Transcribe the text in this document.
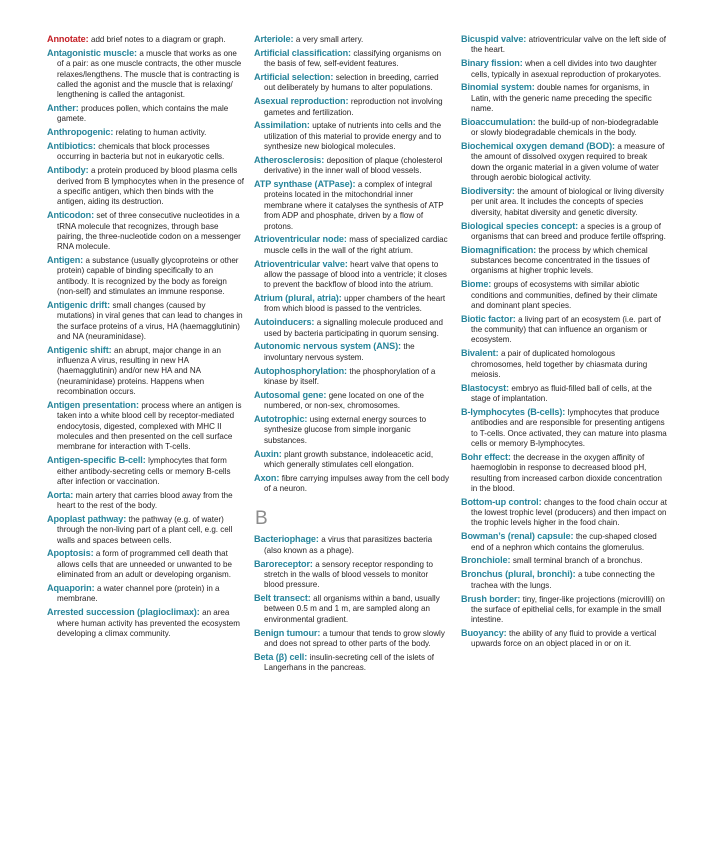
Annotate: add brief notes to a diagram or graph.

Antagonistic muscle: a muscle that works as one of a pair: as one muscle contracts, the other muscle relaxes/lengthens. The muscle that is contracting is called the agonist and the muscle that is relaxing/ lengthening is called the antagonist.

Anther: produces pollen, which contains the male gamete.

Anthropogenic: relating to human activity.

Antibiotics: chemicals that block processes occurring in bacteria but not in eukaryotic cells.

Antibody: a protein produced by blood plasma cells derived from B lymphocytes when in the presence of a specific antigen, which then binds with the antigen, aiding its destruction.

Anticodon: set of three consecutive nucleotides in a tRNA molecule that recognizes, through base pairing, the three-nucleotide codon on a messenger RNA molecule.

Antigen: a substance (usually glycoproteins or other protein) capable of binding specifically to an antibody. It is recognized by the body as foreign (non-self) and stimulates an immune response.

Antigenic drift: small changes (caused by mutations) in viral genes that can lead to changes in the surface proteins of a virus, HA (haemagglutinin) and NA (neuraminidase).

Antigenic shift: an abrupt, major change in an influenza A virus, resulting in new HA (haemagglutinin) and/or new HA and NA (neuraminidase) proteins. Happens when recombination occurs.

Antigen presentation: process where an antigen is taken into a white blood cell by receptor-mediated endocytosis, digested, complexed with MHC II molecules and then presented on the cell surface membrane for interaction with T-cells.

Antigen-specific B-cell: lymphocytes that form either antibody-secreting cells or memory B-cells after infection or vaccination.

Aorta: main artery that carries blood away from the heart to the rest of the body.

Apoplast pathway: the pathway (e.g. of water) through the non-living part of a plant cell, e.g. cell walls and spaces between cells.

Apoptosis: a form of programmed cell death that allows cells that are unneeded or unwanted to be eliminated from an adult or developing organism.

Aquaporin: a water channel pore (protein) in a membrane.

Arrested succession (plagioclimax): an area where human activity has prevented the ecosystem developing a climax community.

Arteriole: a very small artery.

Artificial classification: classifying organisms on the basis of few, self-evident features.

Artificial selection: selection in breeding, carried out deliberately by humans to alter populations.

Asexual reproduction: reproduction not involving gametes and fertilization.

Assimilation: uptake of nutrients into cells and the utilization of this material to provide energy and to synthesize new biological molecules.

Atherosclerosis: deposition of plaque (cholesterol derivative) in the inner wall of blood vessels.

ATP synthase (ATPase): a complex of integral proteins located in the mitochondrial inner membrane where it catalyses the synthesis of ATP from ADP and phosphate, driven by a flow of protons.

Atrioventricular node: mass of specialized cardiac muscle cells in the wall of the right atrium.

Atrioventricular valve: heart valve that opens to allow the passage of blood into a ventricle; it closes to prevent the backflow of blood into the atrium.

Atrium (plural, atria): upper chambers of the heart from which blood is passed to the ventricles.

Autoinducers: a signalling molecule produced and used by bacteria participating in quorum sensing.

Autonomic nervous system (ANS): the involuntary nervous system.

Autophosphorylation: the phosphorylation of a kinase by itself.

Autosomal gene: gene located on one of the numbered, or non-sex, chromosomes.

Autotrophic: using external energy sources to synthesize glucose from simple inorganic substances.

Auxin: plant growth substance, indoleacetic acid, which generally stimulates cell elongation.

Axon: fibre carrying impulses away from the cell body of a neuron.

B

Bacteriophage: a virus that parasitizes bacteria (also known as a phage).

Baroreceptor: a sensory receptor responding to stretch in the walls of blood vessels to monitor blood pressure.

Belt transect: all organisms within a band, usually between 0.5 m and 1 m, are sampled along an environmental gradient.

Benign tumour: a tumour that tends to grow slowly and does not spread to other parts of the body.

Beta (β) cell: insulin-secreting cell of the islets of Langerhans in the pancreas.

Bicuspid valve: atrioventricular valve on the left side of the heart.

Binary fission: when a cell divides into two daughter cells, typically in asexual reproduction of prokaryotes.

Binomial system: double names for organisms, in Latin, with the generic name preceding the specific name.

Bioaccumulation: the build-up of non-biodegradable or slowly biodegradable chemicals in the body.

Biochemical oxygen demand (BOD): a measure of the amount of dissolved oxygen required to break down the organic material in a given volume of water through aerobic biological activity.

Biodiversity: the amount of biological or living diversity per unit area. It includes the concepts of species diversity, habitat diversity and genetic diversity.

Biological species concept: a species is a group of organisms that can breed and produce fertile offspring.

Biomagnification: the process by which chemical substances become concentrated in the tissues of organisms at higher trophic levels.

Biome: groups of ecosystems with similar abiotic conditions and communities, defined by their climate and dominant plant species.

Biotic factor: a living part of an ecosystem (i.e. part of the community) that can influence an organism or ecosystem.

Bivalent: a pair of duplicated homologous chromosomes, held together by chiasmata during meiosis.

Blastocyst: embryo as fluid-filled ball of cells, at the stage of implantation.

B-lymphocytes (B-cells): lymphocytes that produce antibodies and are responsible for presenting antigens to T-cells. Once activated, they can mature into plasma cells or memory B-lymphocytes.

Bohr effect: the decrease in the oxygen affinity of haemoglobin in response to decreased blood pH, resulting from increased carbon dioxide concentration in the blood.

Bottom-up control: changes to the food chain occur at the lowest trophic level (producers) and then impact on the trophic levels higher in the food chain.

Bowman’s (renal) capsule: the cup-shaped closed end of a nephron which contains the glomerulus.

Bronchiole: small terminal branch of a bronchus.

Bronchus (plural, bronchi): a tube connecting the trachea with the lungs.

Brush border: tiny, finger-like projections (microvilli) on the surface of epithelial cells, for example in the small intestine.

Buoyancy: the ability of any fluid to provide a vertical upwards force on an object placed in or on it.
